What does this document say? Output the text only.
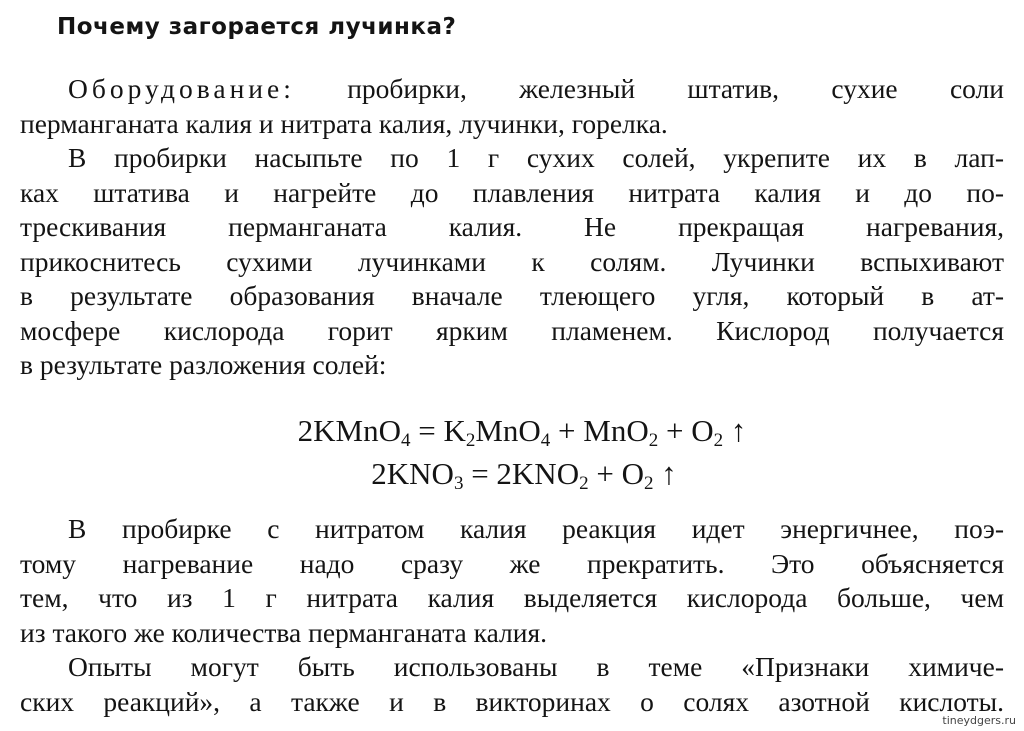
Почему загорается лучинка?
Оборудование: пробирки, железный штатив, сухие соли
перманганата калия и нитрата калия, лучинки, горелка.
В пробирки насыпьте по 1 г сухих солей, укрепите их в лап-
ках штатива и нагрейте до плавления нитрата калия и до по-
трескивания перманганата калия. Не прекращая нагревания,
прикоснитесь сухими лучинками к солям. Лучинки вспыхивают
в результате образования вначале тлеющего угля, который в ат-
мосфере кислорода горит ярким пламенем. Кислород получается
в результате разложения солей:
2KMnO$_4$ = $K_2MnO_4 + MnO_2 + O_2$ ↑
$2KNO_3 = 2KNO_2 + O_2$ ↑
В пробирке с нитратом калия реакция идет энергичнее, поэ-
тому нагревание надо сразу же прекратить. Это объясняется
тем, что из 1 г нитрата калия выделяется кислорода больше, чем
из такого же количества перманганата калия.
Опыты могут быть использованы в теме «Признаки химиче-
ских реакций», а также и в викторинах о солях азотной кислоты.
tineydgers.ru
